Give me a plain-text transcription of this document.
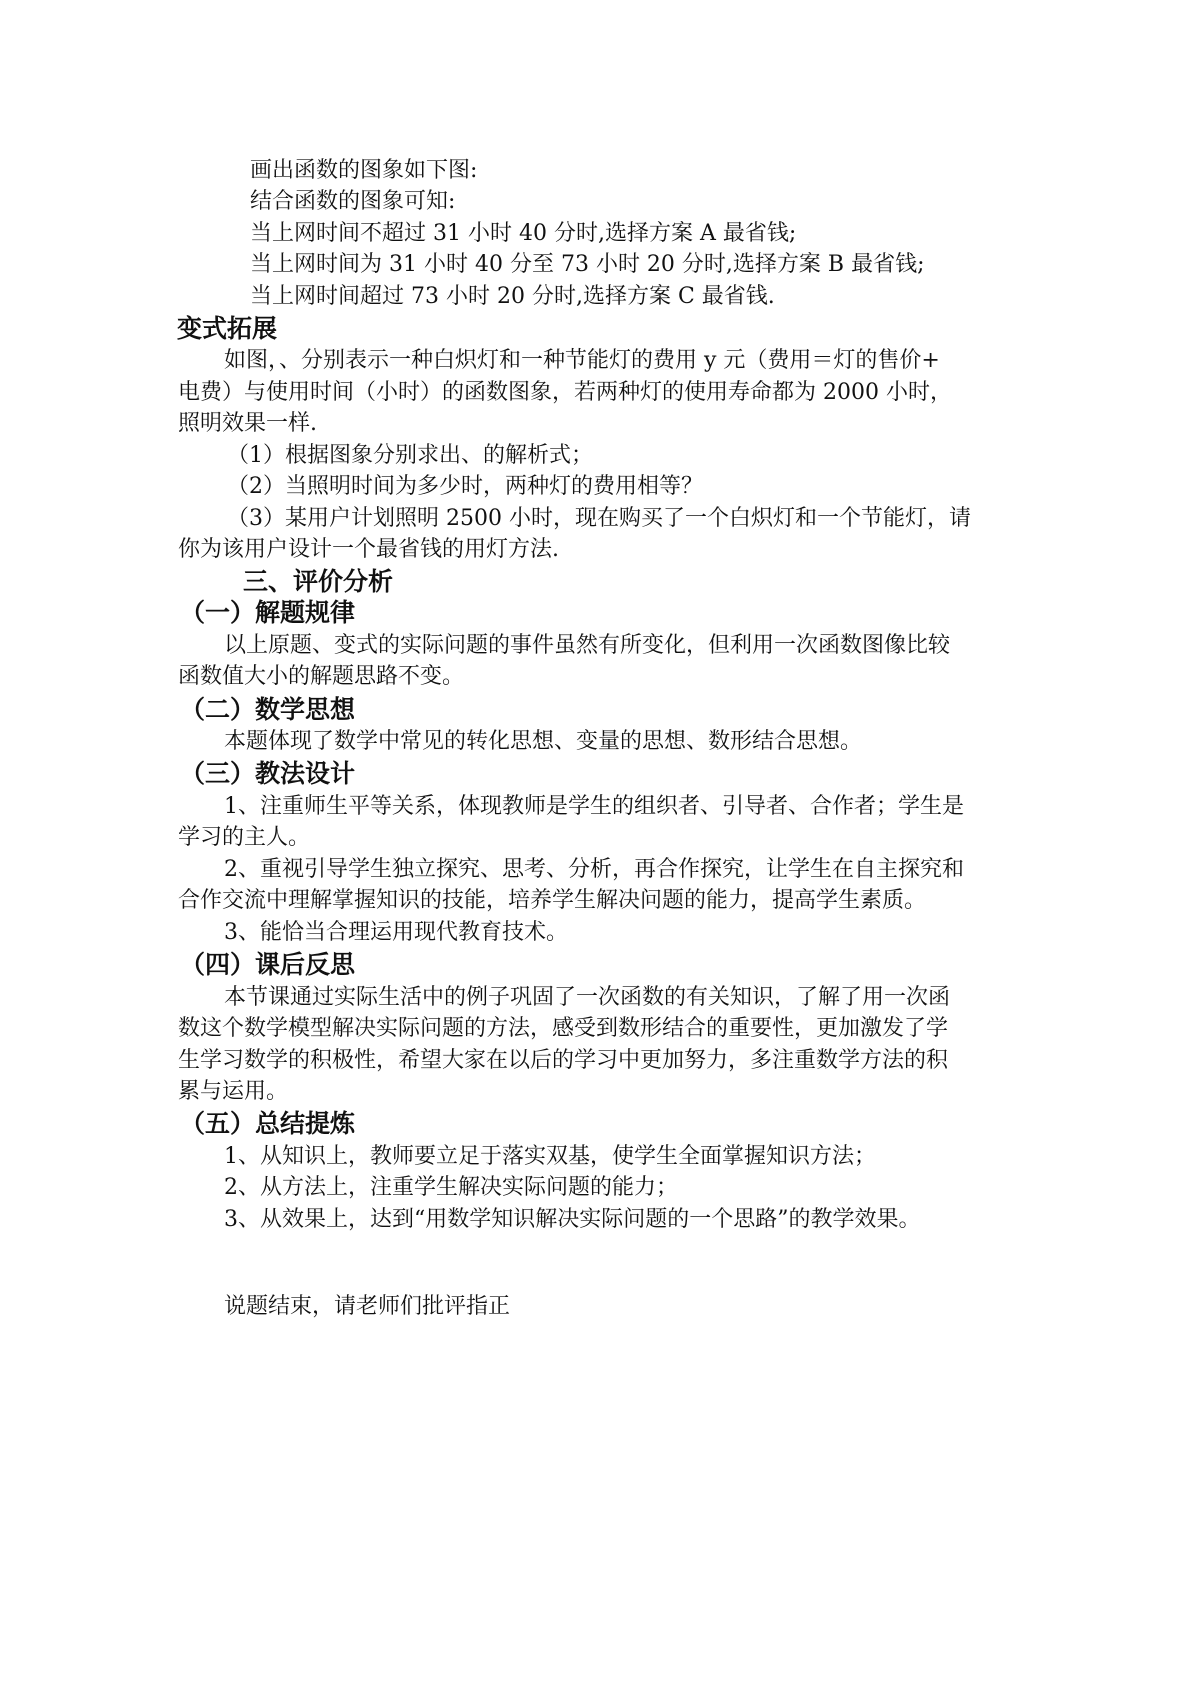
画出函数的图象如下图:
结合函数的图象可知:
当上网时间不超过 31 小时 40 分时,选择方案 A 最省钱;
当上网时间为 31 小时 40 分至 73 小时 20 分时,选择方案 B 最省钱;
当上网时间超过 73 小时 20 分时,选择方案 C 最省钱.
变式拓展
如图，、分别表示一种白炽灯和一种节能灯的费用 y 元（费用＝灯的售价+
电费）与使用时间（小时）的函数图象，若两种灯的使用寿命都为 2000 小时，
照明效果一样.
（1）根据图象分别求出、的解析式；
（2）当照明时间为多少时，两种灯的费用相等？
（3）某用户计划照明 2500 小时，现在购买了一个白炽灯和一个节能灯，请
你为该用户设计一个最省钱的用灯方法.
三、评价分析
（一）解题规律
以上原题、变式的实际问题的事件虽然有所变化，但利用一次函数图像比较
函数值大小的解题思路不变。
（二）数学思想
本题体现了数学中常见的转化思想、变量的思想、数形结合思想。
（三）教法设计
1、注重师生平等关系，体现教师是学生的组织者、引导者、合作者；学生是
学习的主人。
2、重视引导学生独立探究、思考、分析，再合作探究，让学生在自主探究和
合作交流中理解掌握知识的技能，培养学生解决问题的能力，提高学生素质。
3、能恰当合理运用现代教育技术。
（四）课后反思
本节课通过实际生活中的例子巩固了一次函数的有关知识，了解了用一次函
数这个数学模型解决实际问题的方法，感受到数形结合的重要性，更加激发了学
生学习数学的积极性，希望大家在以后的学习中更加努力，多注重数学方法的积
累与运用。
（五）总结提炼
1、从知识上，教师要立足于落实双基，使学生全面掌握知识方法；
2、从方法上，注重学生解决实际问题的能力；
3、从效果上，达到“用数学知识解决实际问题的一个思路”的教学效果。
说题结束，请老师们批评指正
